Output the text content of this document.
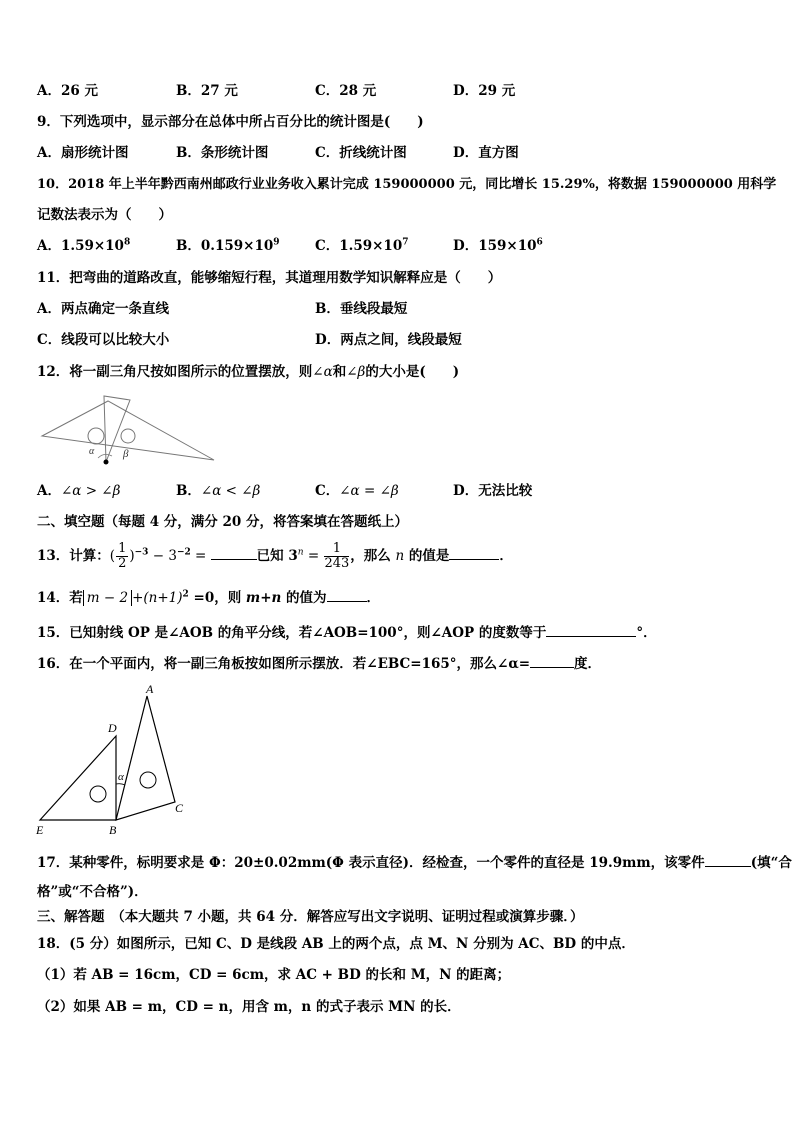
A．26 元	B．27 元	C．28 元	D．29 元
9．下列选项中，显示部分在总体中所占百分比的统计图是(　　)
A．扇形统计图	B．条形统计图	C．折线统计图	D．直方图
10．2018 年上半年黔西南州邮政行业业务收入累计完成 159000000 元，同比增长 15.29%，将数据 159000000 用科学
记数法表示为（　　）
A．$1.59\times 10^8$	B．$0.159\times 10^9$	C．$1.59\times 10^7$	D．$159\times 10^6$
11．把弯曲的道路改直，能够缩短行程，其道理用数学知识解释应是（　　）
A．两点确定一条直线	B．垂线段最短
C．线段可以比较大小	D．两点之间，线段最短
12．将一副三角尺按如图所示的位置摆放，则∠α和∠β的大小是(　　)
α	β
A．∠α > ∠β	B．∠α < ∠β	C．∠α = ∠β	D．无法比较
二、填空题（每题 4 分，满分 20 分，将答案填在答题纸上）
13．计算：( $\frac{1}{2} )^{-3} - 3^{-2}$ =	已知 $3^n = \frac{1}{243}$ ，那么 n 的值是	．
14．若 $m - 2 +(n+1)^2 =0$，则 m+n 的值为	．
15．已知射线 OP 是∠AOB 的角平分线，若∠AOB=100°，则∠AOP 的度数等于	°．
16．在一个平面内，将一副三角板按如图所示摆放．若∠EBC=165°，那么∠α=	度．
A
D
α
C
E	B
17．某种零件，标明要求是 Φ：20±0.02mm(Φ 表示直径)．经检查，一个零件的直径是 19.9mm，该零件	(填“合
格”或“不合格”)．
三、解答题　（本大题共 7 小题，共 64 分．解答应写出文字说明、证明过程或演算步骤．）
18．(5 分）如图所示，已知 C、D 是线段 AB 上的两个点，点 M、N 分别为 AC、BD 的中点．
（1）若 AB = 16cm，CD = 6cm，求 AC + BD 的长和 M，N 的距离；
（2）如果 AB = m，CD = n，用含 m，n 的式子表示 MN 的长．
